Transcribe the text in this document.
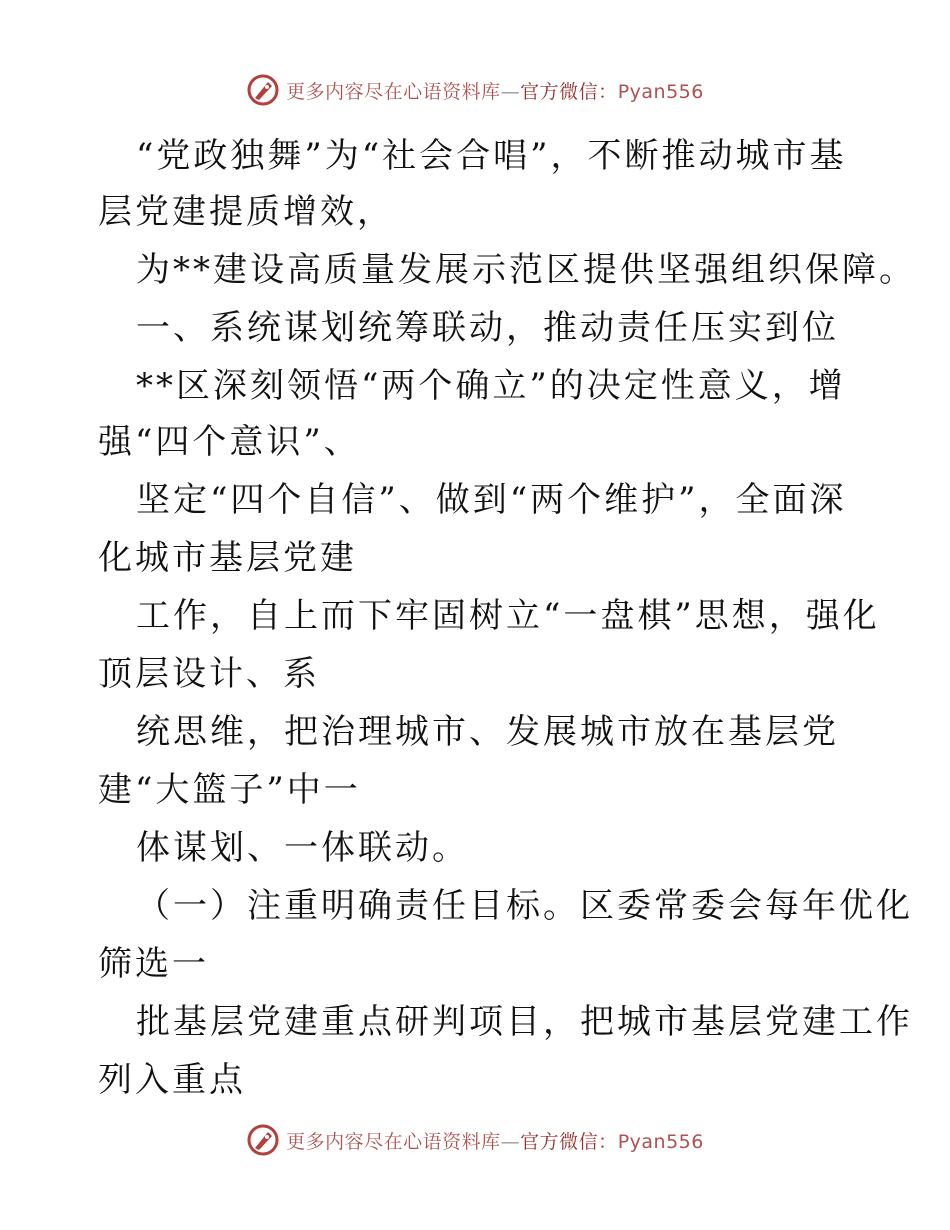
更多内容尽在心语资料库—官方微信：Pyan556
“党政独舞”为“社会合唱”，不断推动城市基
层党建提质增效，
为**建设高质量发展示范区提供坚强组织保障。
一、系统谋划统筹联动，推动责任压实到位
**区深刻领悟“两个确立”的决定性意义，增
强“四个意识”、
坚定“四个自信”、做到“两个维护”，全面深
化城市基层党建
工作，自上而下牢固树立“一盘棋”思想，强化
顶层设计、系
统思维，把治理城市、发展城市放在基层党
建“大篮子”中一
体谋划、一体联动。
（一）注重明确责任目标。区委常委会每年优化
筛选一
批基层党建重点研判项目，把城市基层党建工作
列入重点
更多内容尽在心语资料库—官方微信：Pyan556
